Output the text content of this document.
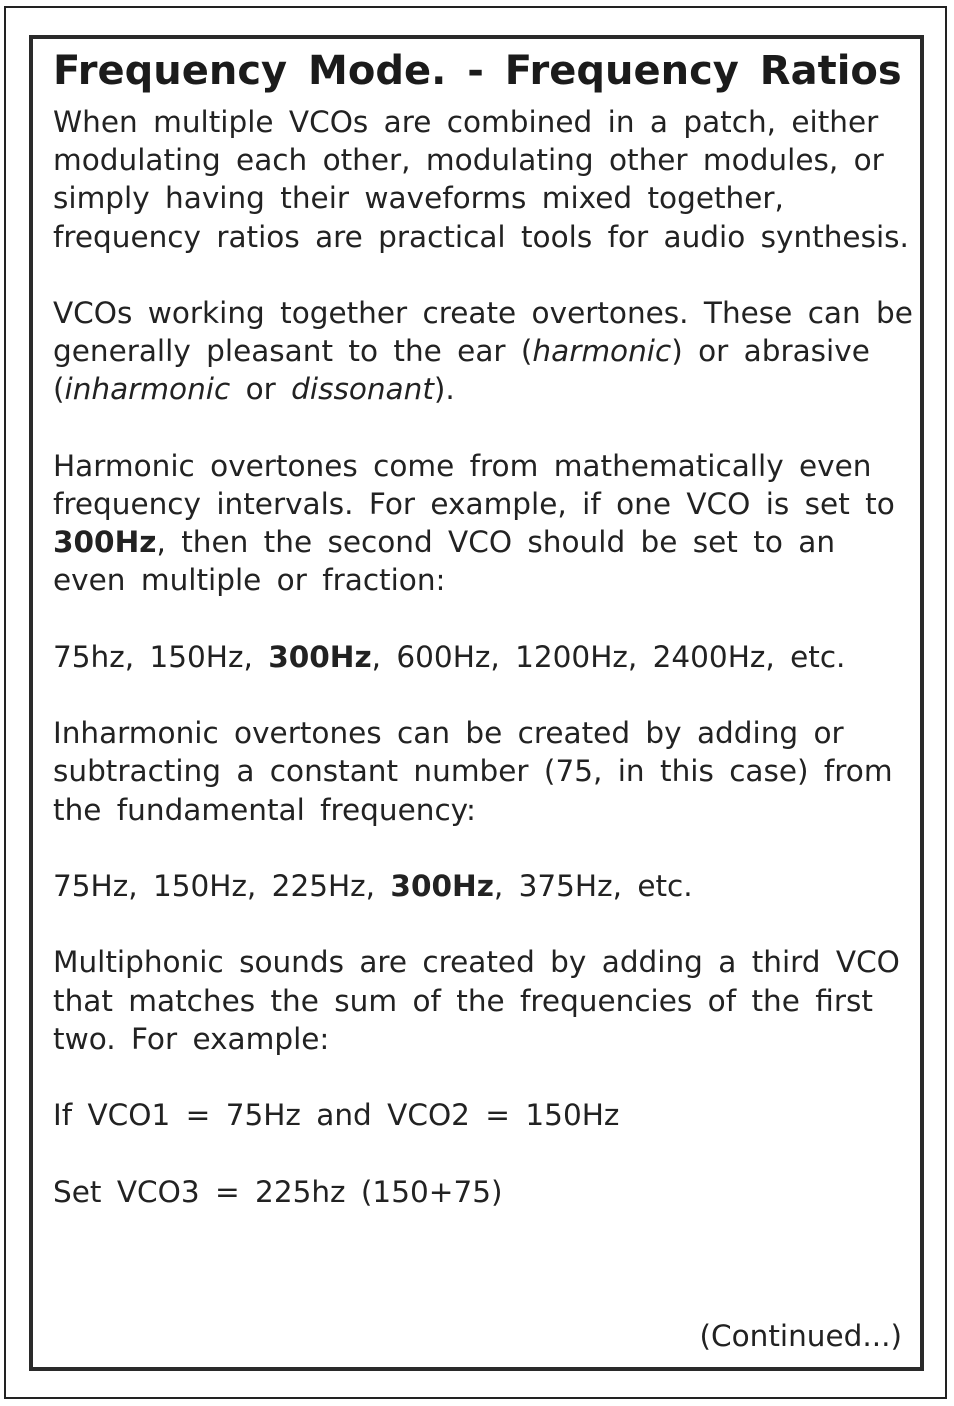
Frequency Mode. - Frequency Ratios

When multiple VCOs are combined in a patch, either
modulating each other, modulating other modules, or
simply having their waveforms mixed together,
frequency ratios are practical tools for audio synthesis.

VCOs working together create overtones. These can be
generally pleasant to the ear (harmonic) or abrasive
(inharmonic or dissonant).

Harmonic overtones come from mathematically even
frequency intervals. For example, if one VCO is set to
300Hz, then the second VCO should be set to an
even multiple or fraction:

75hz, 150Hz, 300Hz, 600Hz, 1200Hz, 2400Hz, etc.

Inharmonic overtones can be created by adding or
subtracting a constant number (75, in this case) from
the fundamental frequency:

75Hz, 150Hz, 225Hz, 300Hz, 375Hz, etc.

Multiphonic sounds are created by adding a third VCO
that matches the sum of the frequencies of the first
two. For example:

If VCO1 = 75Hz and VCO2 = 150Hz

Set VCO3 = 225hz (150+75)

(Continued...)
